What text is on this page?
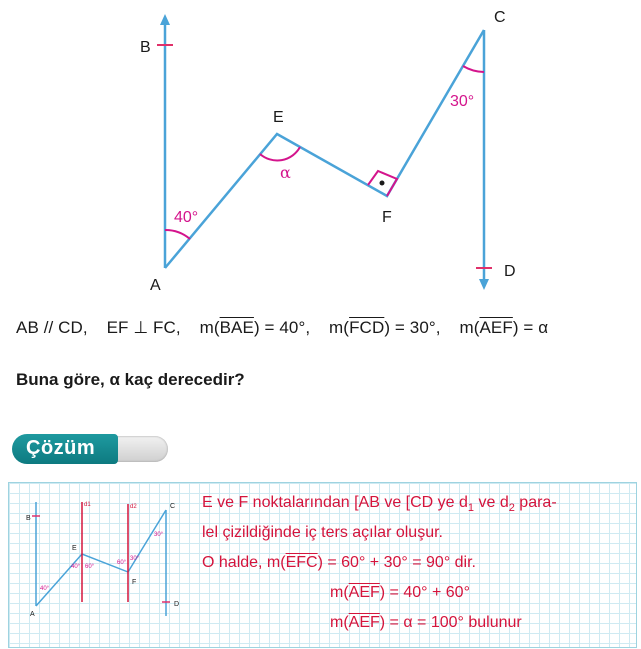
B
A
E
F
C
D
40°
30°
α
AB // CD, EF ⊥ FC, $m(\overline{BAE}) = 40^\circ$, $m(\overline{FCD}) = 30^\circ$, $m(\overline{AEF}) = \alpha$
Buna göre, α kaç derecedir?
Çözüm
B
C
D
E
F
A
d1	d2
40°
40° 60°
60°
30°
30°
E ve F noktalarından [AB ve [CD ye $d_1$ ve $d_2$ para-
lel çizildiğinde iç ters açılar oluşur.
O halde, $m(\overline{EFC}) = 60^\circ + 30^\circ = 90^\circ$ dir.
$m(\overline{AEF}) = 40^\circ + 60^\circ$
$m(\overline{AEF}) = \alpha = 100^\circ$ bulunur
